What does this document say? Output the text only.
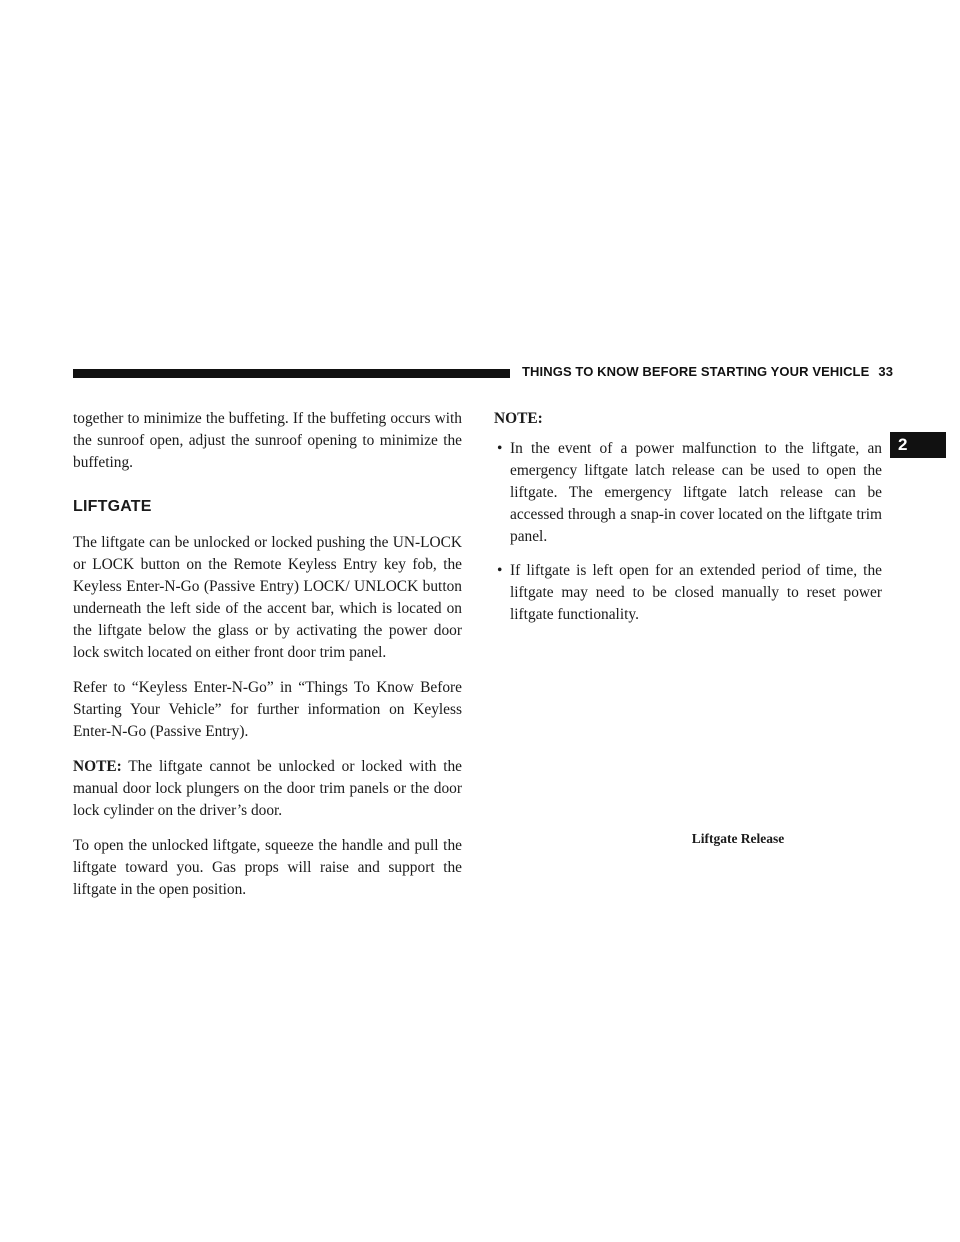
THINGS TO KNOW BEFORE STARTING YOUR VEHICLE 33
2

together to minimize the buffeting. If the buffeting occurs with the sunroof open, adjust the sunroof opening to minimize the buffeting.

LIFTGATE

The liftgate can be unlocked or locked pushing the UN-LOCK or LOCK button on the Remote Keyless Entry key fob, the Keyless Enter-N-Go (Passive Entry) LOCK/ UNLOCK button underneath the left side of the accent bar, which is located on the liftgate below the glass or by activating the power door lock switch located on either front door trim panel.

Refer to “Keyless Enter-N-Go” in “Things To Know Before Starting Your Vehicle” for further information on Keyless Enter-N-Go (Passive Entry).

NOTE: The liftgate cannot be unlocked or locked with the manual door lock plungers on the door trim panels or the door lock cylinder on the driver’s door.

To open the unlocked liftgate, squeeze the handle and pull the liftgate toward you. Gas props will raise and support the liftgate in the open position.

NOTE:
• In the event of a power malfunction to the liftgate, an emergency liftgate latch release can be used to open the liftgate. The emergency liftgate latch release can be accessed through a snap-in cover located on the liftgate trim panel.
• If liftgate is left open for an extended period of time, the liftgate may need to be closed manually to reset power liftgate functionality.
Liftgate Release
